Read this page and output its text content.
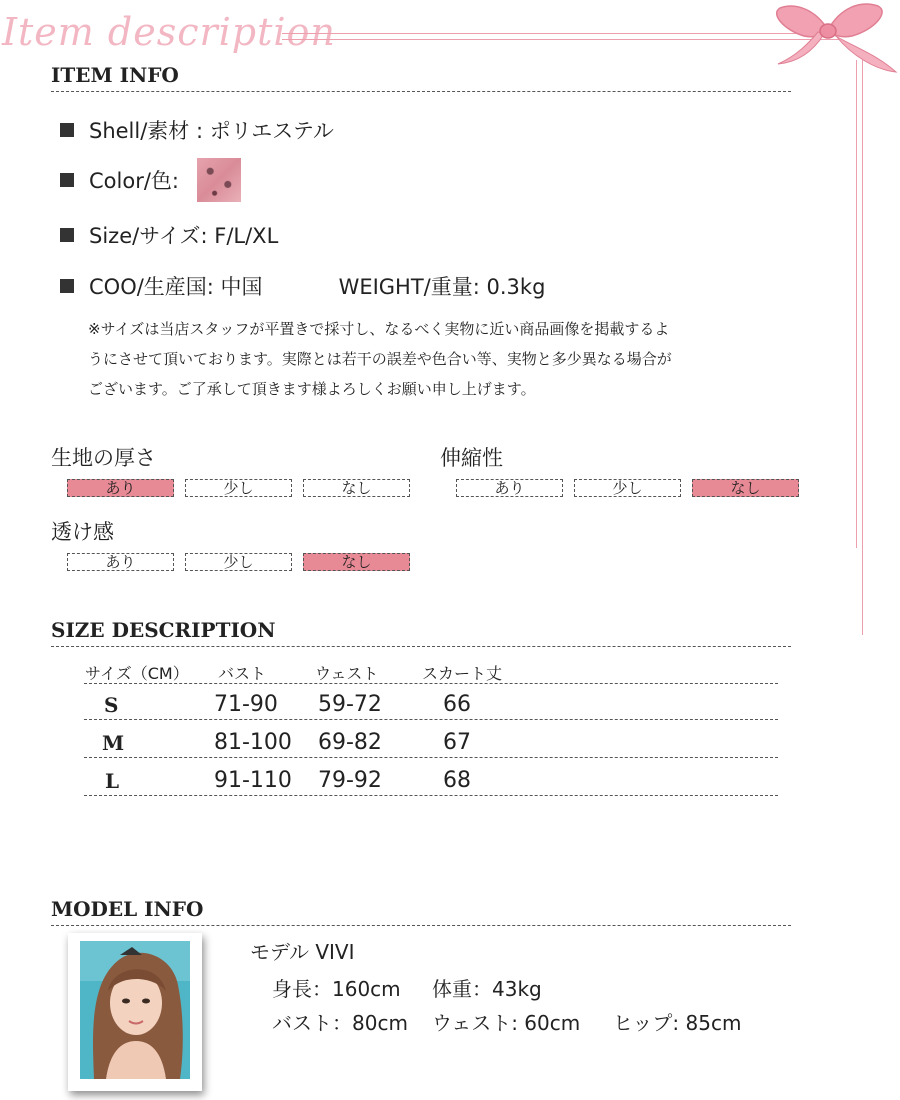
Item description
ITEM INFO
Shell/素材 : ポリエステル
Color/色:
Size/サイズ: F/L/XL
COO/生産国: 中国	WEIGHT/重量: 0.3kg
※サイズは当店スタッフが平置きで採寸し、なるべく実物に近い商品画像を掲載するよ
うにさせて頂いております。実際とは若干の誤差や色合い等、実物と多少異なる場合が
ございます。ご了承して頂きます様よろしくお願い申し上げます。
生地の厚さ
あり	少し	なし
伸縮性
あり	少し	なし
透け感
あり	少し	なし
SIZE DESCRIPTION
サイズ（CM） バスト	ウェスト	スカート丈
S	71-90 59-72	66
M	81-100 69-82	67
L	91-110 79-92	68
MODEL INFO
モデル VIVI
身長：160cm 体重：43kg
バスト：80cm ウェスト: 60cm ヒップ: 85cm
